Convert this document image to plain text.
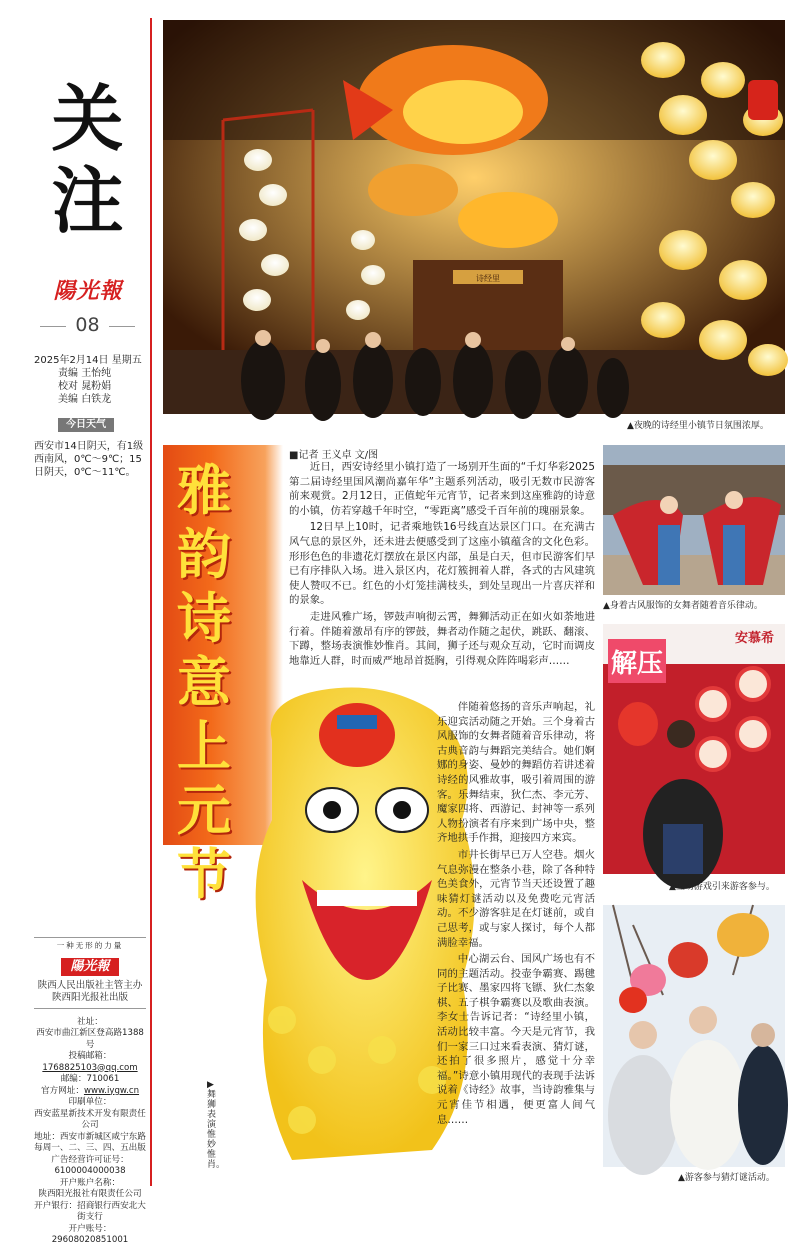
关注
陽光報
08
2025年2月14日 星期五
责编 王怡纯
校对 晁粉娟
美编 白铁龙
今日天气
西安市14日阴天，有1级西南风，0℃～9℃；15日阴天，0℃～11℃。
一种无形的力量
陽光報
陕西人民出版社主管主办
陕西阳光报社出版
社址：
西安市曲江新区登高路1388号
投稿邮箱：
1768825103@qq.com
邮编：710061
官方网址：www.iygw.cn
印刷单位：
西安蓝星新技术开发有限责任公司
地址：西安市新城区咸宁东路
每周一、二、三、四、五出版
广告经营许可证号：
6100004000038
开户账户名称：
陕西阳光报社有限责任公司
开户银行：招商银行西安北大街支行
开户账号：29608020851001
诗经里
▲夜晚的诗经里小镇节日氛围浓厚。
雅韵诗意上元节
▶舞狮表演惟妙惟肖。
■记者 王义卓 文/图

近日，西安诗经里小镇打造了一场别开生面的“千灯华彩2025第二届诗经里国风潮尚嘉年华”主题系列活动，吸引无数市民游客前来观赏。2月12日，正值蛇年元宵节，记者来到这座雅韵的诗意的小镇，仿若穿越千年时空，“零距离”感受千百年前的瑰丽景象。

12日早上10时，记者乘地铁16号线直达景区门口。在充满古风气息的景区外，还未进去便感受到了这座小镇蕴含的文化色彩。形形色色的非遗花灯摆放在景区内部，虽是白天，但市民游客们早已有序排队入场。进入景区内，花灯簇拥着人群，各式的古风建筑使人赞叹不已。红色的小灯笼挂满枝头，到处呈现出一片喜庆祥和的景象。

走进风雅广场，锣鼓声响彻云霄，舞狮活动正在如火如荼地进行着。伴随着激昂有序的锣鼓，舞者动作随之起伏，跳跃、翻滚、下蹲，整场表演惟妙惟肖。其间，狮子还与观众互动，它时而调皮地靠近人群，时而威严地昂首挺胸，引得观众阵阵喝彩声……

伴随着悠扬的音乐声响起，礼乐迎宾活动随之开始。三个身着古风服饰的女舞者随着音乐律动，将古典音韵与舞蹈完美结合。她们婀娜的身姿、曼妙的舞蹈仿若讲述着诗经的风雅故事，吸引着周围的游客。乐舞结束，狄仁杰、李元芳、魔家四将、西游记、封神等一系列人物扮演者有序来到广场中央，整齐地拱手作揖，迎接四方来宾。

市井长街早已万人空巷。烟火气息弥漫在整条小巷，除了各种特色美食外，元宵节当天还设置了趣味猜灯谜活动以及免费吃元宵活动。不少游客驻足在灯谜前，或自己思考，或与家人探讨，每个人都满脸幸福。

中心湖云台、国风广场也有不同的主题活动。投壶争霸赛、踢毽子比赛、墨家四将飞镖、狄仁杰象棋、五子棋争霸赛以及歌曲表演。李女士告诉记者：“诗经里小镇，活动比较丰富。今天是元宵节，我们一家三口过来看表演、猜灯谜，还拍了很多照片，感觉十分幸福。”诗意小镇用现代的表现手法诉说着《诗经》故事，当诗韵雅集与元宵佳节相遇，便更富人间气息……

▲身着古风服饰的女舞者随着音乐律动。
安慕希
解压
▲互动游戏引来游客参与。
▲游客参与猜灯谜活动。
